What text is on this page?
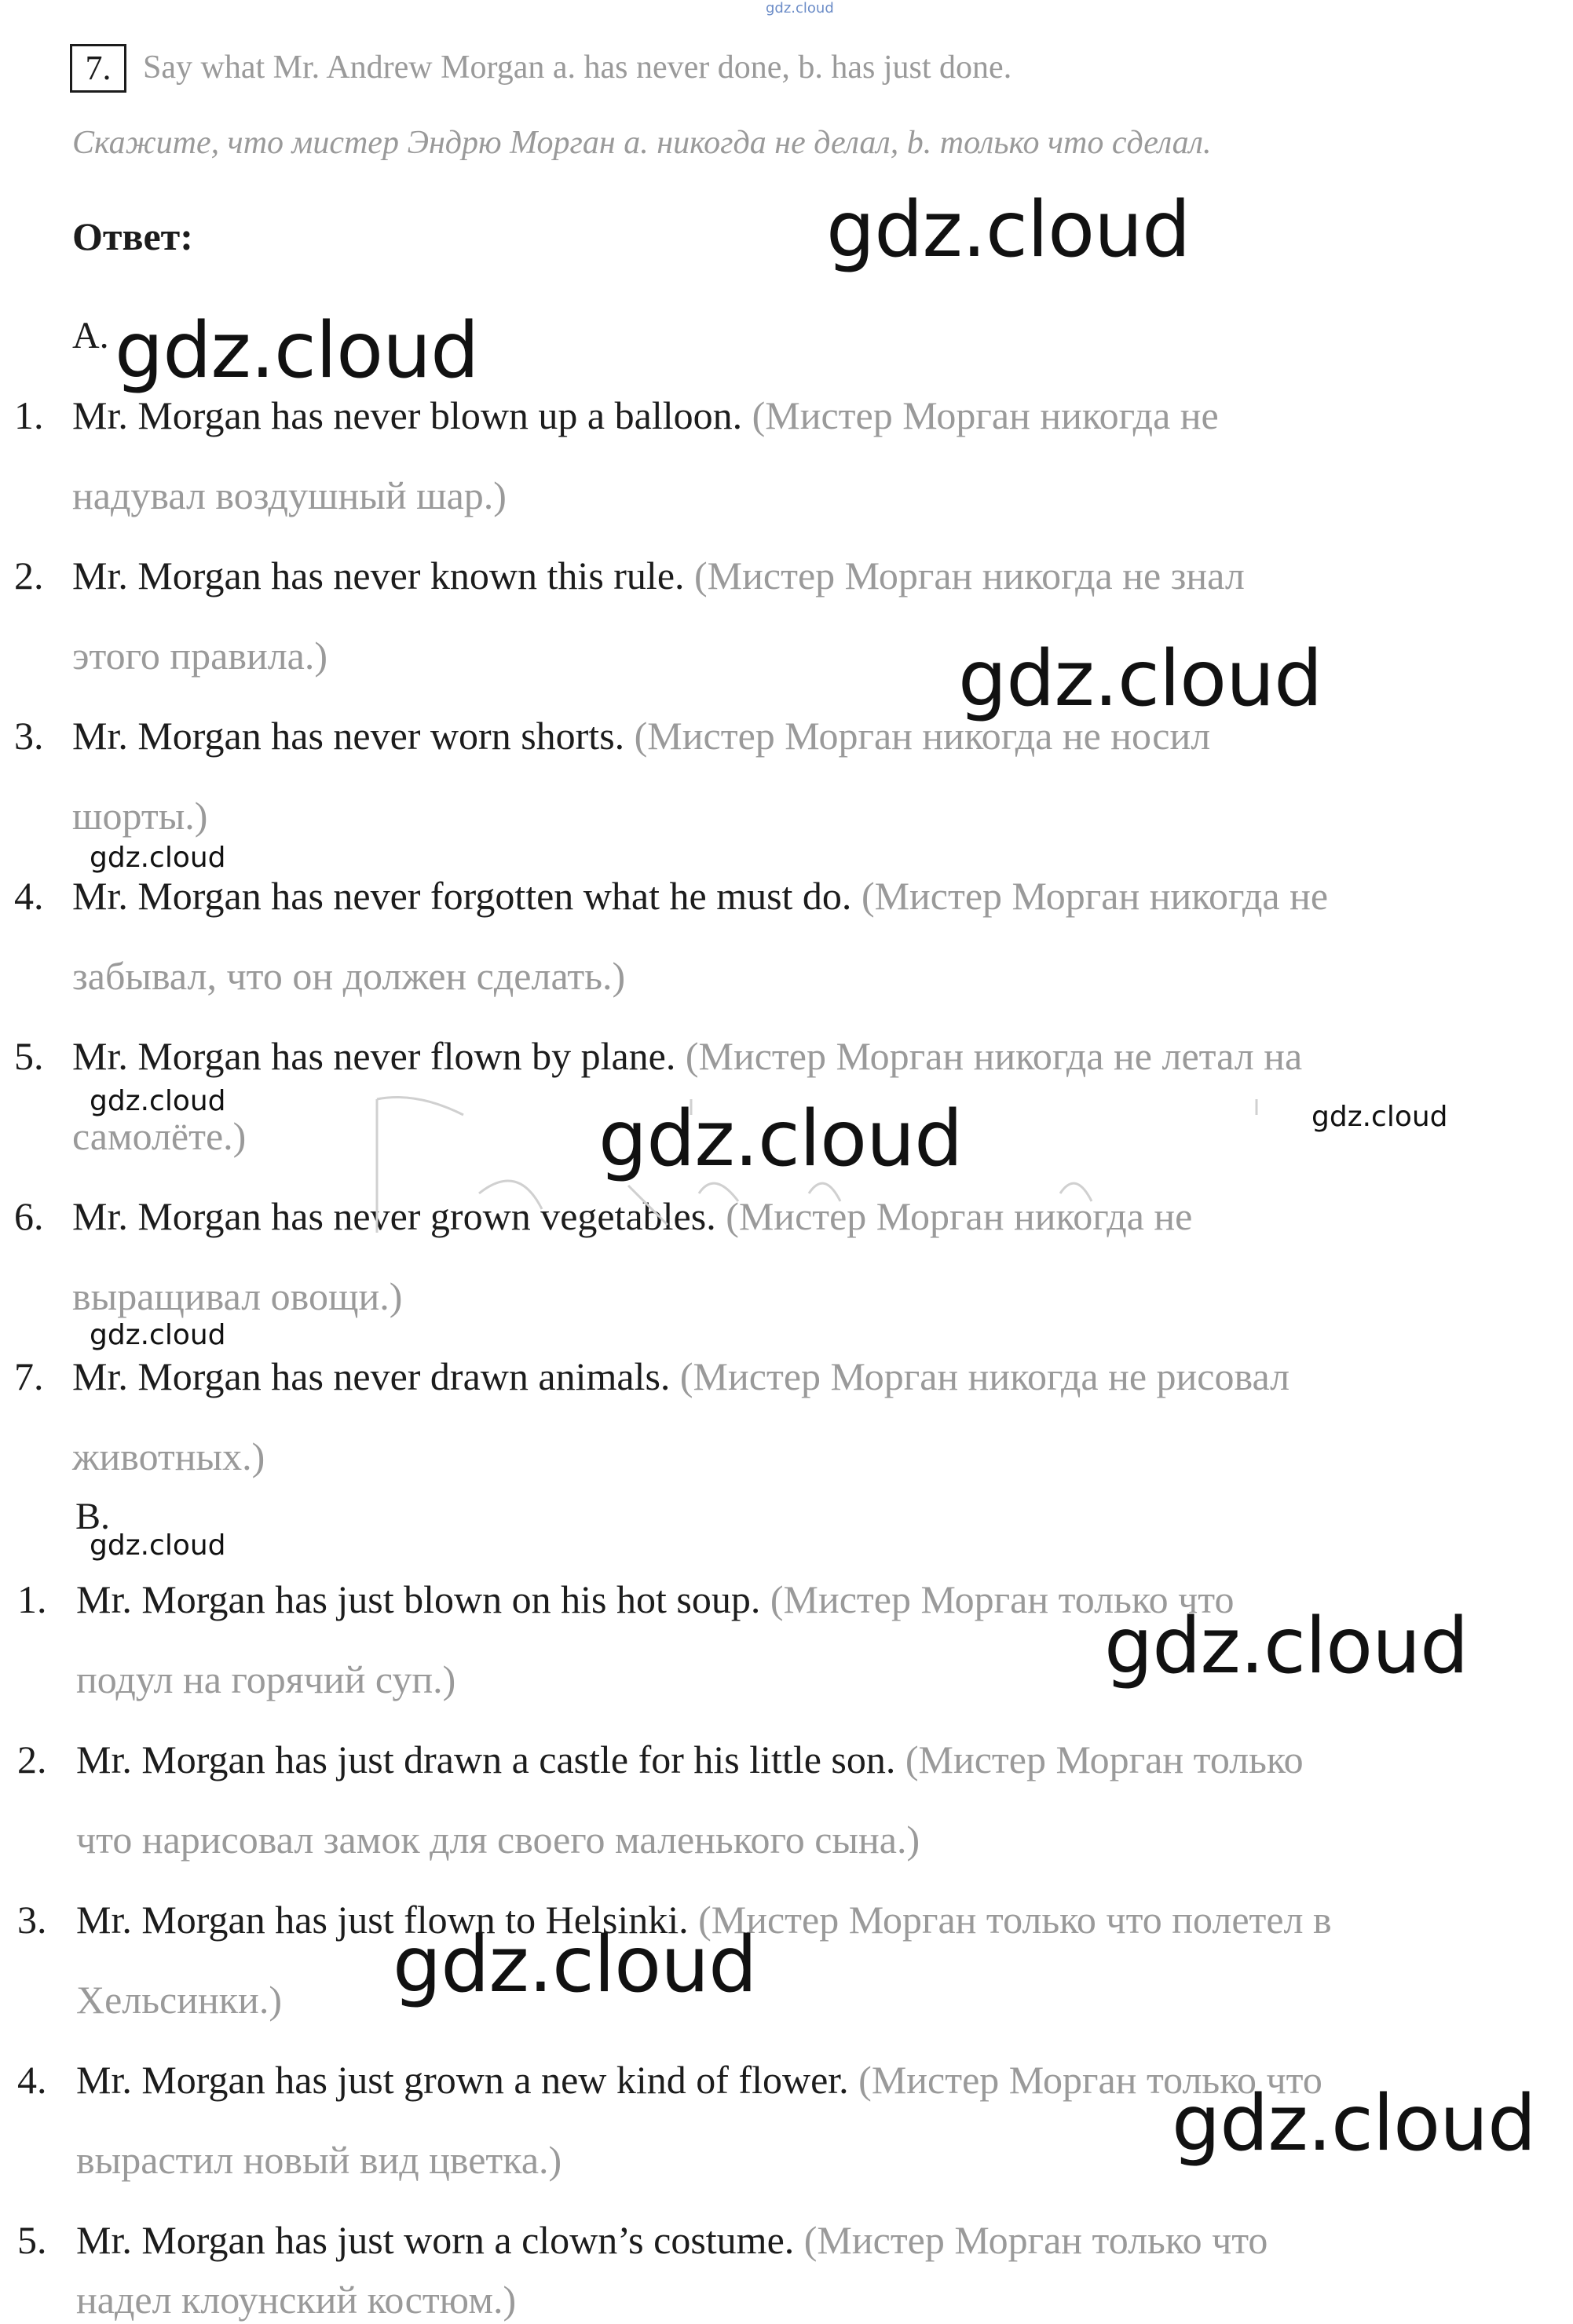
gdz.cloud
7. Say what Mr. Andrew Morgan a. has never done, b. has just done.
Скажите, что мистер Эндрю Морган a. никогда не делал, b. только что сделал.
Ответ:
A.
1. Mr. Morgan has never blown up a balloon. (Мистер Морган никогда не
надувал воздушный шар.)
2. Mr. Morgan has never known this rule. (Мистер Морган никогда не знал
этого правила.)
3. Mr. Morgan has never worn shorts. (Мистер Морган никогда не носил
шорты.)
4. Mr. Morgan has never forgotten what he must do. (Мистер Морган никогда не
забывал, что он должен сделать.)
5. Mr. Morgan has never flown by plane. (Мистер Морган никогда не летал на
самолёте.)
6. Mr. Morgan has never grown vegetables. (Мистер Морган никогда не
выращивал овощи.)
7. Mr. Morgan has never drawn animals. (Мистер Морган никогда не рисовал
животных.)
B.
1. Mr. Morgan has just blown on his hot soup. (Мистер Морган только что
подул на горячий суп.)
2. Mr. Morgan has just drawn a castle for his little son. (Мистер Морган только
что нарисовал замок для своего маленького сына.)
3. Mr. Morgan has just flown to Helsinki. (Мистер Морган только что полетел в
Хельсинки.)
4. Mr. Morgan has just grown a new kind of flower. (Мистер Морган только что
вырастил новый вид цветка.)
5. Mr. Morgan has just worn a clown’s costume. (Мистер Морган только что
надел клоунский костюм.)
gdz.cloud
gdz.cloud
gdz.cloud
gdz.cloud
gdz.cloud
gdz.cloud
gdz.cloud
gdz.cloud
gdz.cloud	gdz.cloud
gdz.cloud
gdz.cloud
